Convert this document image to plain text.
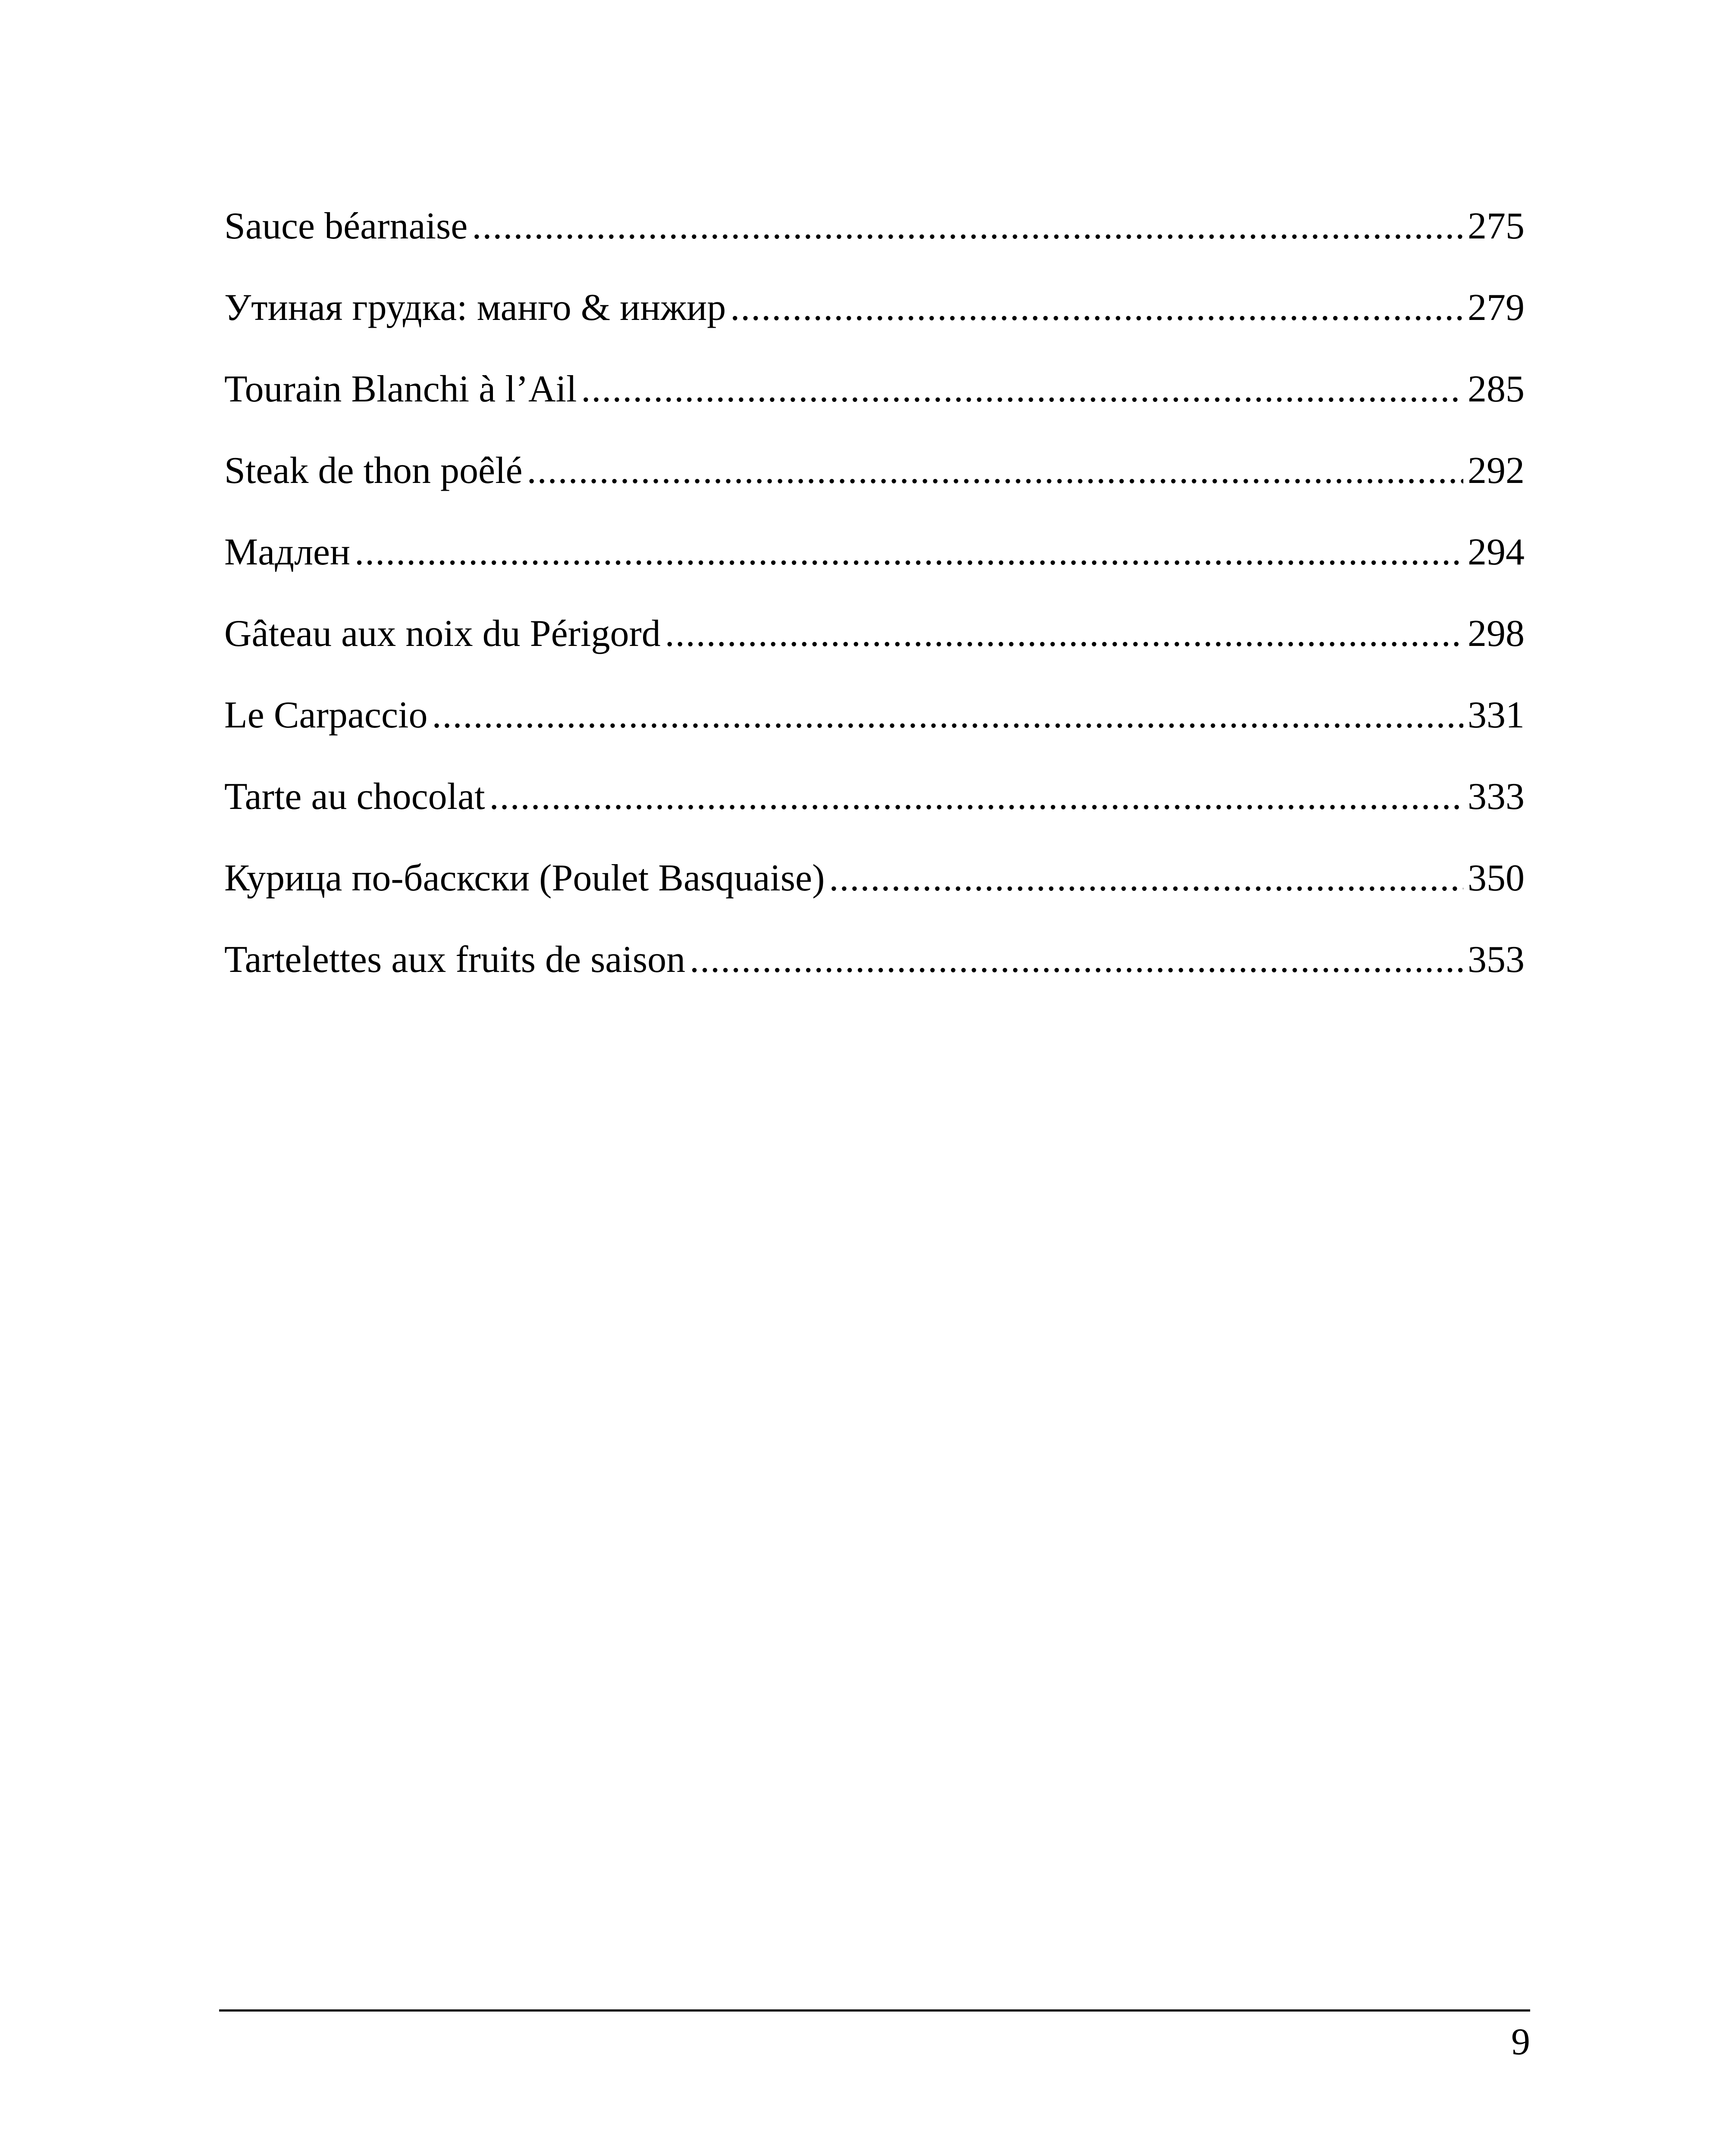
Sauce béarnaise .....	275
Утиная грудка: манго & инжир .....	279
Tourain Blanchi à l’Ail .....	285
Steak de thon poêlé .....	292
Мадлен .....	294
Gâteau aux noix du Périgord .....	298
Le Carpaccio .....	331
Tarte au chocolat .....	333
Курица по-баскски (Poulet Basquaise) .....	350
Tartelettes aux fruits de saison .....	353
9
